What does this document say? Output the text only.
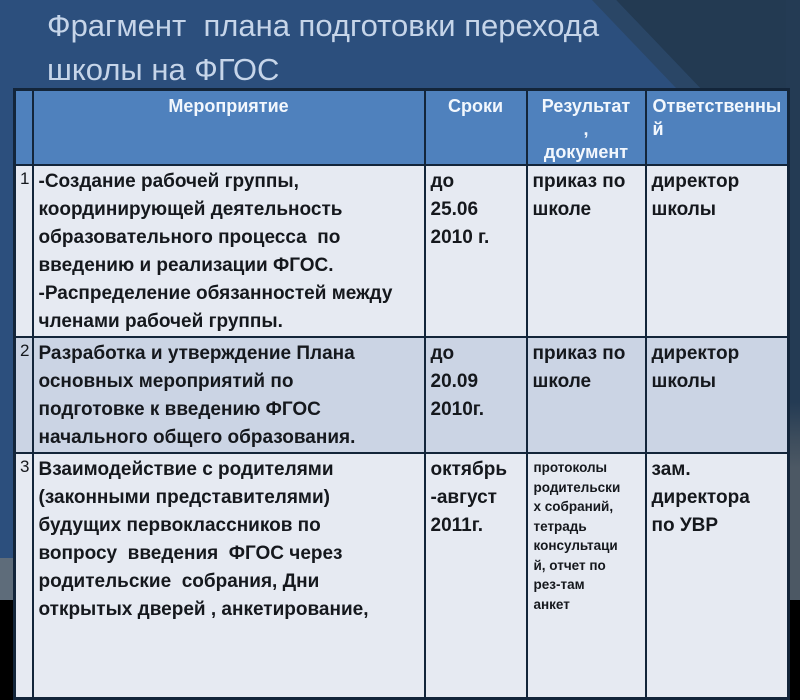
Фрагмент  плана подготовки перехода
школы на ФГОС
	Мероприятие	Сроки	Результат
,
документ	Ответственны
й
1	-Создание рабочей группы,
координирующей деятельность
образовательного процесса  по
введению и реализации ФГОС.
-Распределение обязанностей между
членами рабочей группы.	до
25.06
2010 г.	приказ по
школе	директор
школы
2	Разработка и утверждение Плана
основных мероприятий по
подготовке к введению ФГОС
начального общего образования.	до
20.09
2010г.	приказ по
школе	директор
школы
3	Взаимодействие с родителями
(законными представителями)
будущих первоклассников по
вопросу  введения  ФГОС через
родительские  собрания, Дни
открытых дверей , анкетирование,	октябрь
-август
2011г.	протоколы
родительски
х собраний,
тетрадь
консультаци
й, отчет по
рез-там
анкет	зам.
директора
по УВР
